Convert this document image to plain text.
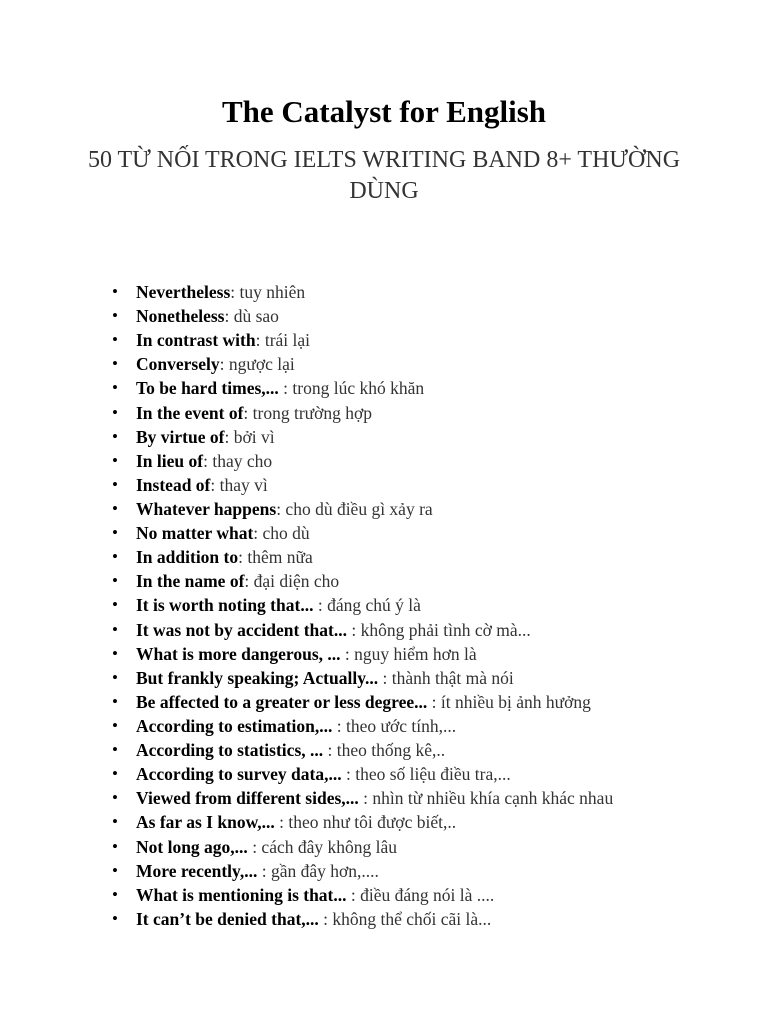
The Catalyst for English
50 TỪ NỐI TRONG IELTS WRITING BAND 8+ THƯỜNG DÙNG
• Nevertheless: tuy nhiên
• Nonetheless: dù sao
• In contrast with: trái lại
• Conversely: ngược lại
• To be hard times,... : trong lúc khó khăn
• In the event of: trong trường hợp
• By virtue of: bởi vì
• In lieu of: thay cho
• Instead of: thay vì
• Whatever happens: cho dù điều gì xảy ra
• No matter what: cho dù
• In addition to: thêm nữa
• In the name of: đại diện cho
• It is worth noting that... : đáng chú ý là
• It was not by accident that... : không phải tình cờ mà...
• What is more dangerous, ... : nguy hiểm hơn là
• But frankly speaking; Actually... : thành thật mà nói
• Be affected to a greater or less degree... : ít nhiều bị ảnh hưởng
• According to estimation,... : theo ước tính,...
• According to statistics, ... : theo thống kê,..
• According to survey data,... : theo số liệu điều tra,...
• Viewed from different sides,... : nhìn từ nhiều khía cạnh khác nhau
• As far as I know,... : theo như tôi được biết,..
• Not long ago,... : cách đây không lâu
• More recently,... : gần đây hơn,....
• What is mentioning is that... : điều đáng nói là ....
• It can’t be denied that,... : không thể chối cãi là...
